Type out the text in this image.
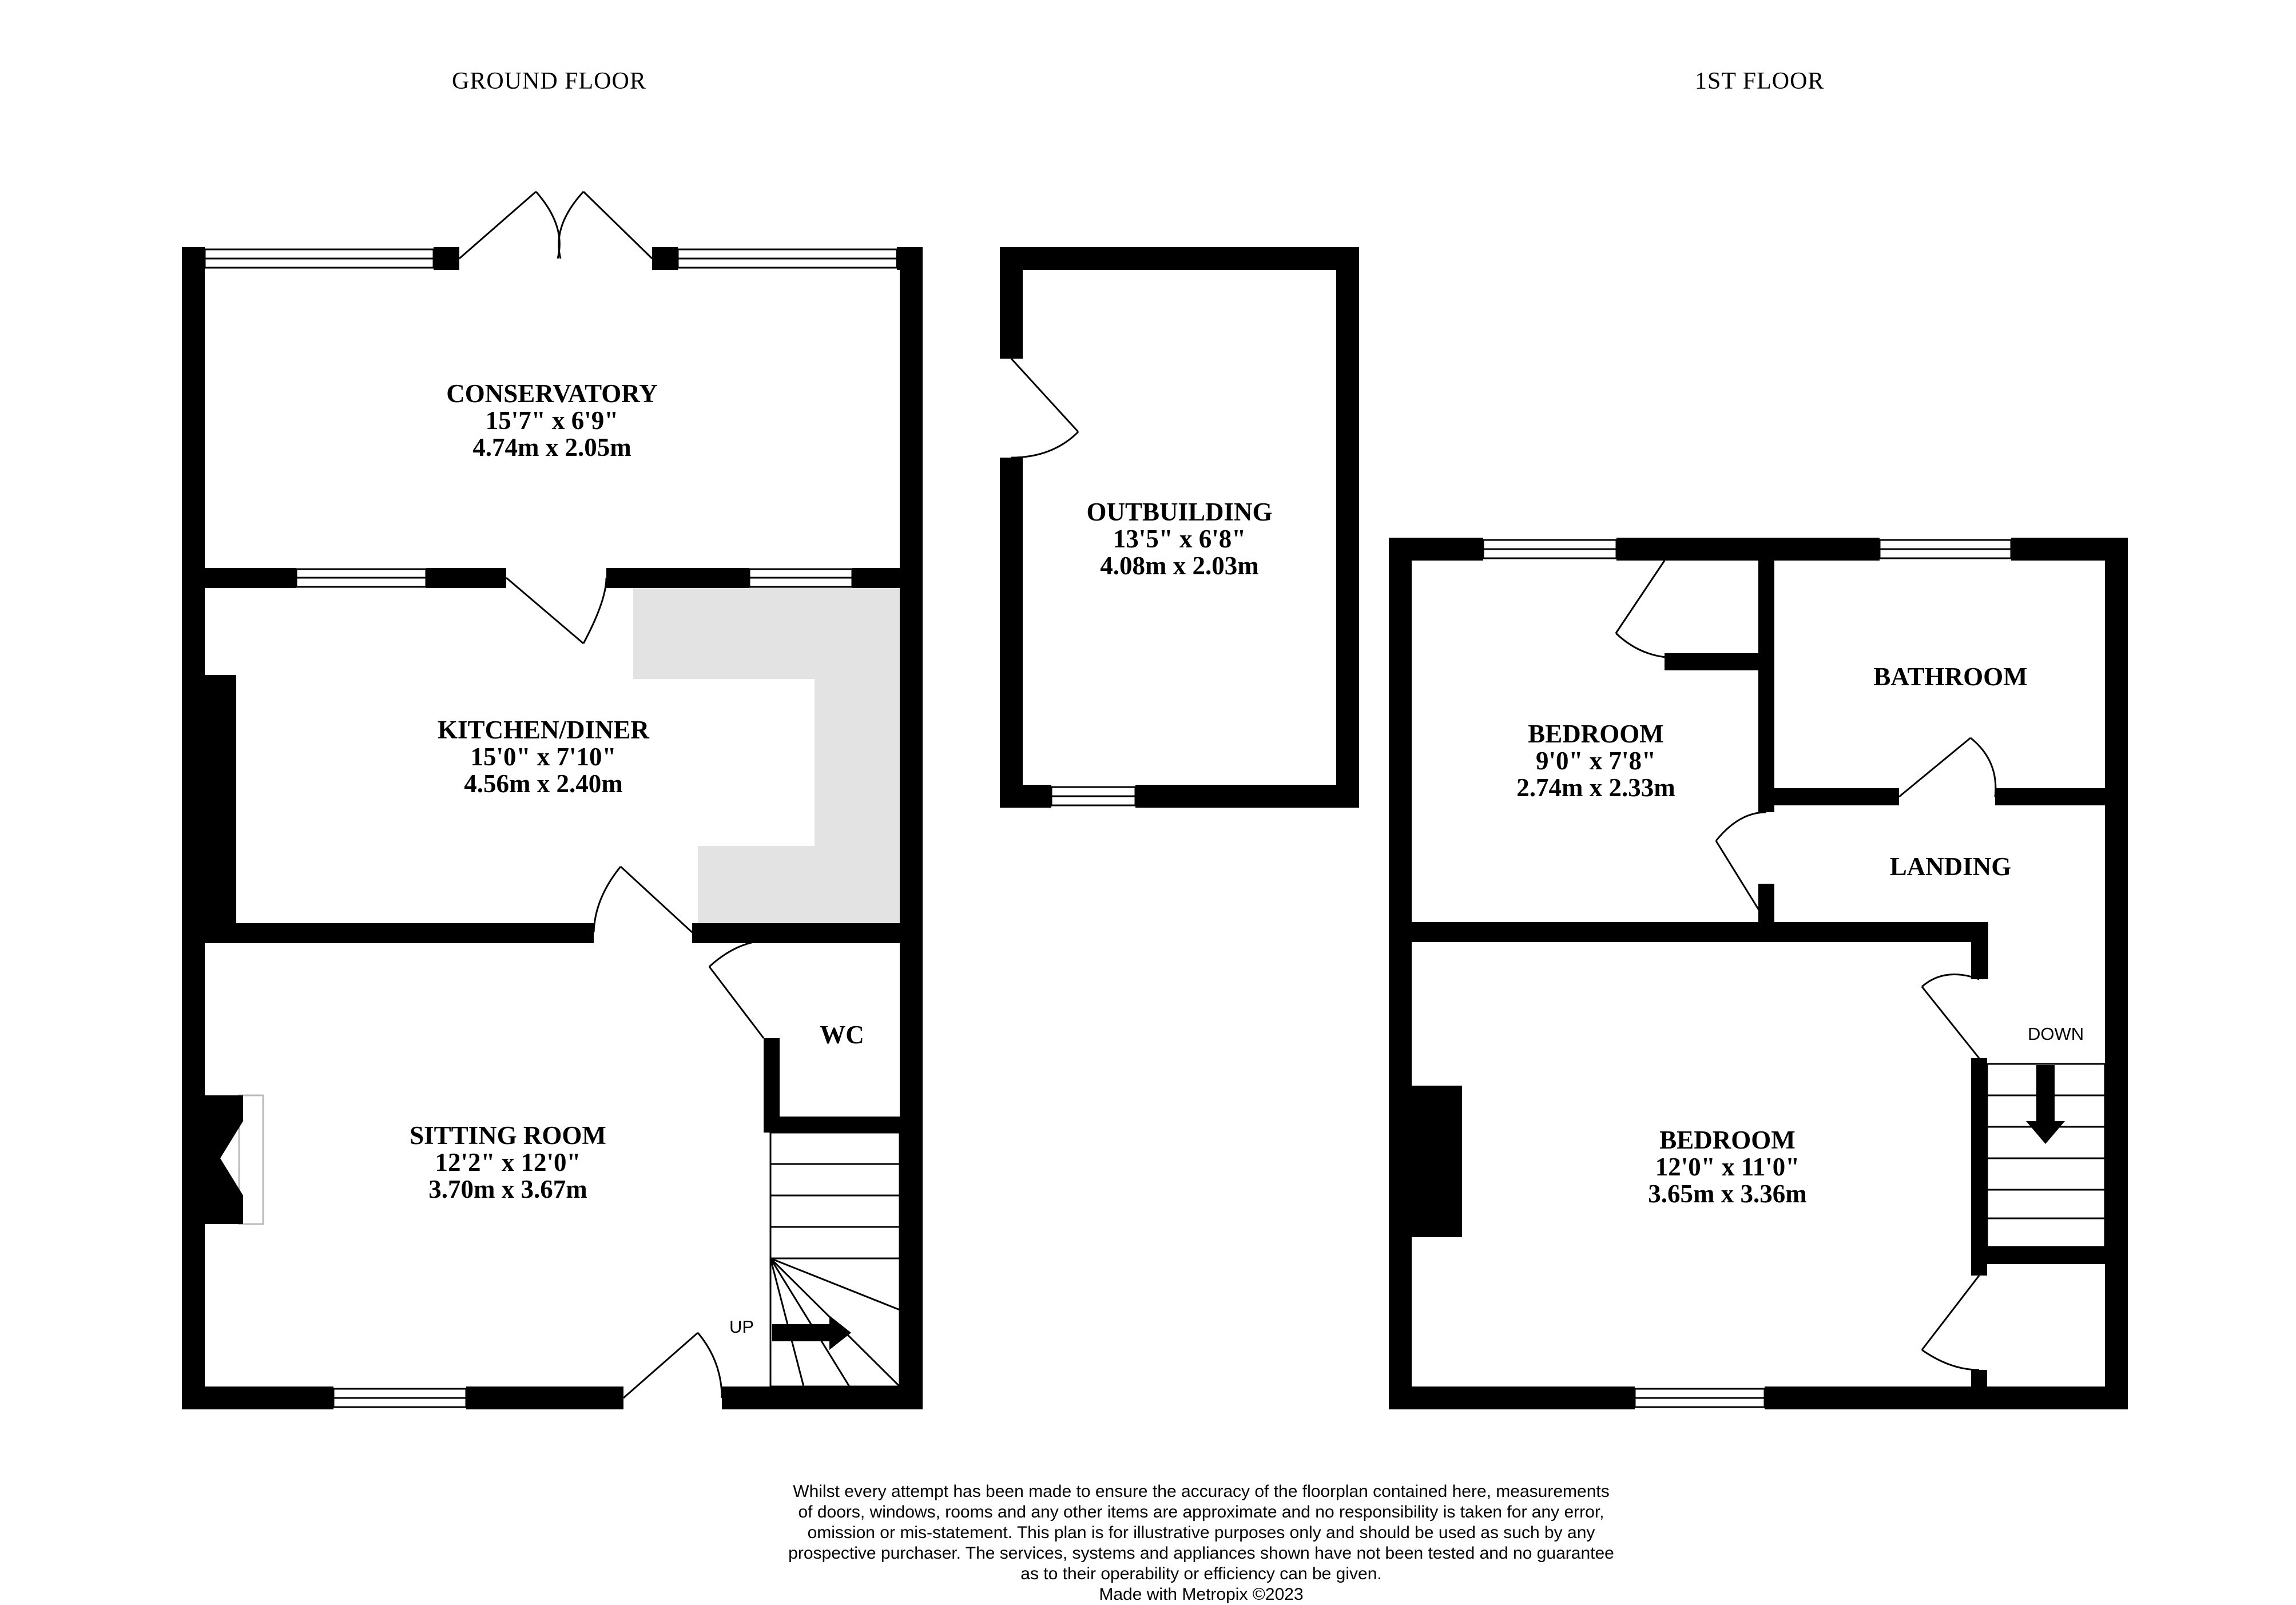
GROUND FLOOR	1ST FLOOR
CONSERVATORY
15'7" x 6'9"
4.74m x 2.05m
KITCHEN/DINER
15'0" x 7'10"
4.56m x 2.40m
WC
SITTING ROOM
12'2" x 12'0"
3.70m x 3.67m
OUTBUILDING
13'5" x 6'8"
4.08m x 2.03m
BEDROOM
9'0" x 7'8"
2.74m x 2.33m
BATHROOM
LANDING
BEDROOM
12'0" x 11'0"
3.65m x 3.36m
UP
DOWN
Whilst every attempt has been made to ensure the accuracy of the floorplan contained here, measurements
of doors, windows, rooms and any other items are approximate and no responsibility is taken for any error,
omission or mis-statement. This plan is for illustrative purposes only and should be used as such by any
prospective purchaser. The services, systems and appliances shown have not been tested and no guarantee
as to their operability or efficiency can be given.
Made with Metropix ©2023
